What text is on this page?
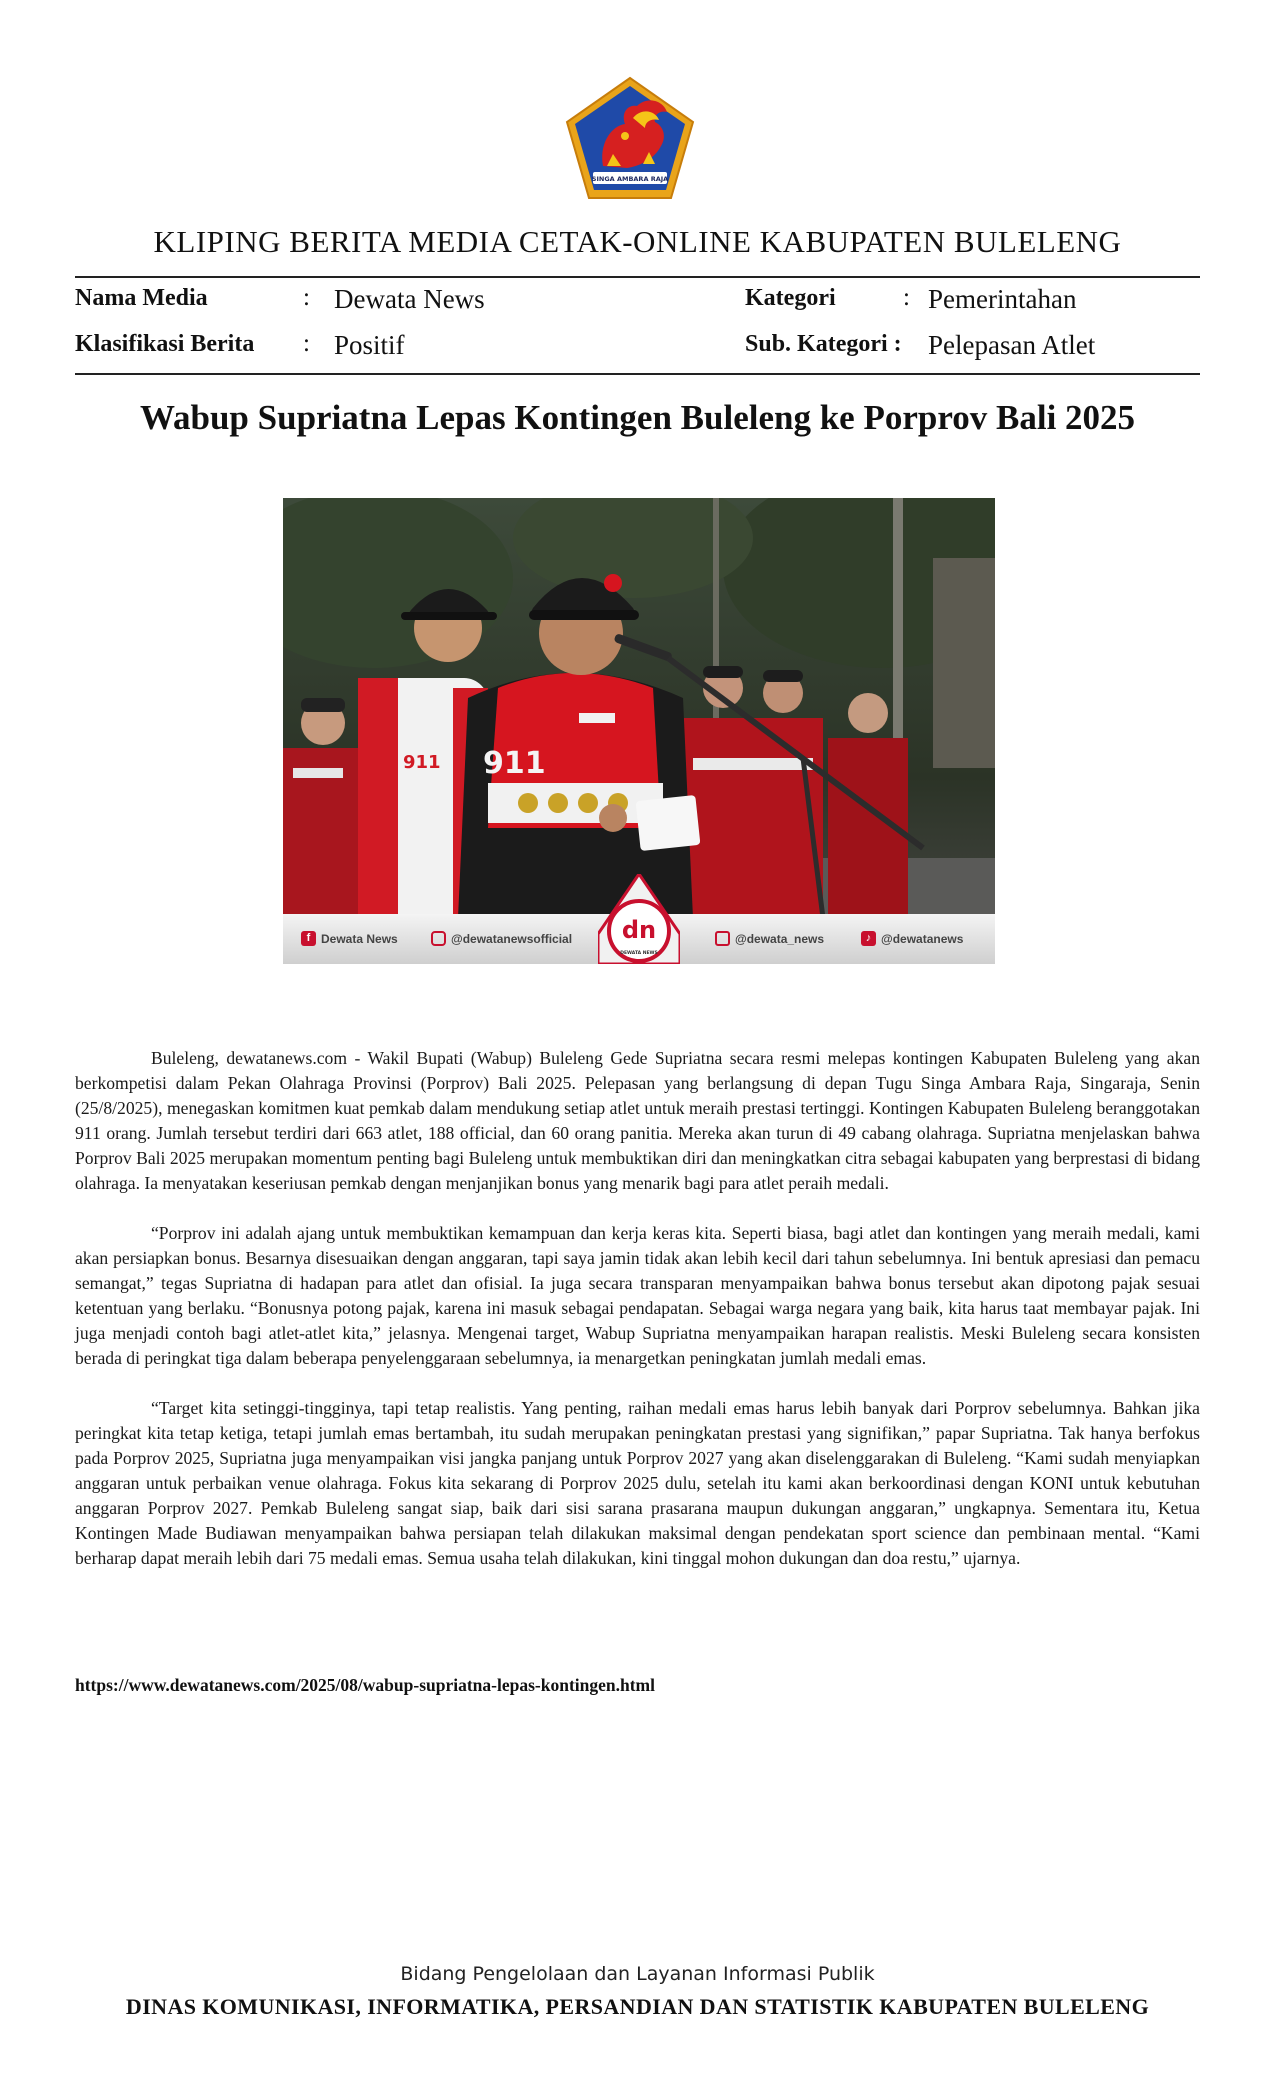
SINGA AMBARA RAJA
KLIPING BERITA MEDIA CETAK-ONLINE KABUPATEN BULELENG
Nama Media	: Dewata News
Klasifikasi Berita : Positif
Kategori	: Pemerintahan
Sub. Kategori : Pelepasan Atlet
Wabup Supriatna Lepas Kontingen Buleleng ke Porprov Bali 2025
911 911
dn
DEWATA NEWS
f Dewata News	@dewatanewsofficial	@dewata_news	♪ @dewatanews

Buleleng, dewatanews.com - Wakil Bupati (Wabup) Buleleng Gede Supriatna secara resmi melepas kontingen Kabupaten Buleleng yang akan berkompetisi dalam Pekan Olahraga Provinsi (Porprov) Bali 2025. Pelepasan yang berlangsung di depan Tugu Singa Ambara Raja, Singaraja, Senin (25/8/2025), menegaskan komitmen kuat pemkab dalam mendukung setiap atlet untuk meraih prestasi tertinggi. Kontingen Kabupaten Buleleng beranggotakan 911 orang. Jumlah tersebut terdiri dari 663 atlet, 188 official, dan 60 orang panitia. Mereka akan turun di 49 cabang olahraga. Supriatna menjelaskan bahwa Porprov Bali 2025 merupakan momentum penting bagi Buleleng untuk membuktikan diri dan meningkatkan citra sebagai kabupaten yang berprestasi di bidang olahraga. Ia menyatakan keseriusan pemkab dengan menjanjikan bonus yang menarik bagi para atlet peraih medali.

“Porprov ini adalah ajang untuk membuktikan kemampuan dan kerja keras kita. Seperti biasa, bagi atlet dan kontingen yang meraih medali, kami akan persiapkan bonus. Besarnya disesuaikan dengan anggaran, tapi saya jamin tidak akan lebih kecil dari tahun sebelumnya. Ini bentuk apresiasi dan pemacu semangat,” tegas Supriatna di hadapan para atlet dan ofisial. Ia juga secara transparan menyampaikan bahwa bonus tersebut akan dipotong pajak sesuai ketentuan yang berlaku. “Bonusnya potong pajak, karena ini masuk sebagai pendapatan. Sebagai warga negara yang baik, kita harus taat membayar pajak. Ini juga menjadi contoh bagi atlet-atlet kita,” jelasnya. Mengenai target, Wabup Supriatna menyampaikan harapan realistis. Meski Buleleng secara konsisten berada di peringkat tiga dalam beberapa penyelenggaraan sebelumnya, ia menargetkan peningkatan jumlah medali emas.

“Target kita setinggi-tingginya, tapi tetap realistis. Yang penting, raihan medali emas harus lebih banyak dari Porprov sebelumnya. Bahkan jika peringkat kita tetap ketiga, tetapi jumlah emas bertambah, itu sudah merupakan peningkatan prestasi yang signifikan,” papar Supriatna. Tak hanya berfokus pada Porprov 2025, Supriatna juga menyampaikan visi jangka panjang untuk Porprov 2027 yang akan diselenggarakan di Buleleng. “Kami sudah menyiapkan anggaran untuk perbaikan venue olahraga. Fokus kita sekarang di Porprov 2025 dulu, setelah itu kami akan berkoordinasi dengan KONI untuk kebutuhan anggaran Porprov 2027. Pemkab Buleleng sangat siap, baik dari sisi sarana prasarana maupun dukungan anggaran,” ungkapnya. Sementara itu, Ketua Kontingen Made Budiawan menyampaikan bahwa persiapan telah dilakukan maksimal dengan pendekatan sport science dan pembinaan mental. “Kami berharap dapat meraih lebih dari 75 medali emas. Semua usaha telah dilakukan, kini tinggal mohon dukungan dan doa restu,” ujarnya.

https://www.dewatanews.com/2025/08/wabup-supriatna-lepas-kontingen.html
Bidang Pengelolaan dan Layanan Informasi Publik
DINAS KOMUNIKASI, INFORMATIKA, PERSANDIAN DAN STATISTIK KABUPATEN BULELENG
